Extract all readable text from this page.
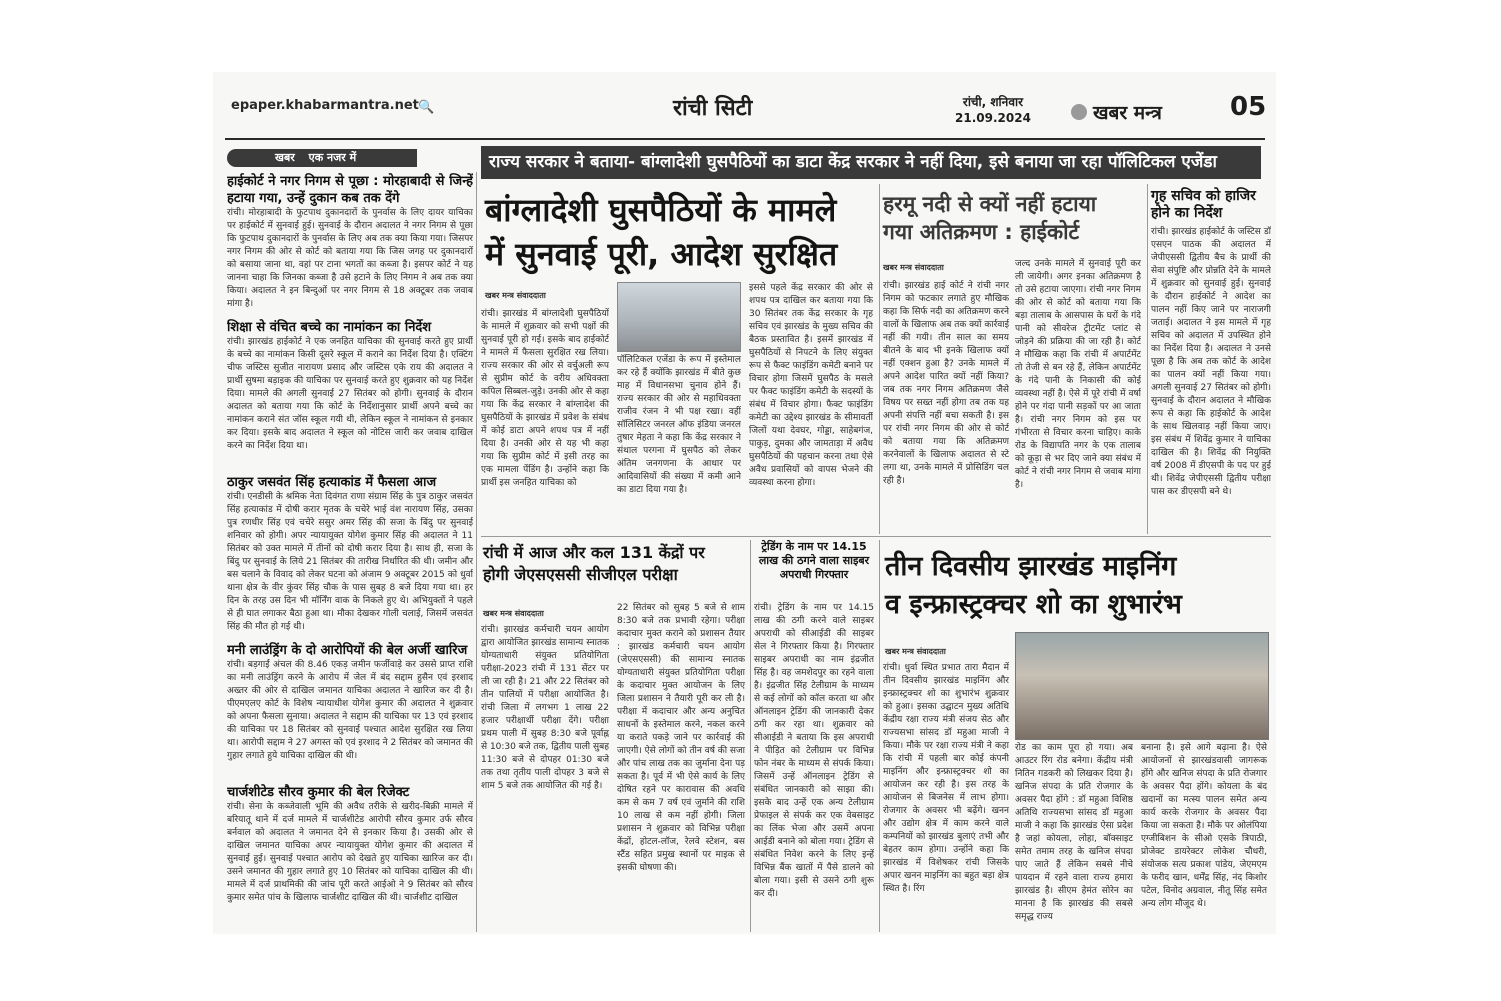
epaper.khabarmantra.net 🔍	रांची सिटी	रांची, शनिवार
21.09.2024	खबर मन्त्र	05
खबर एक नजर में	राज्य सरकार ने बताया- बांग्लादेशी घुसपैठियों का डाटा केंद्र सरकार ने नहीं दिया, इसे बनाया जा रहा पॉलिटिकल एजेंडा
हाईकोर्ट ने नगर निगम से पूछा : मोरहाबादी से जिन्हें हटाया गया, उन्हें दुकान कब तक देंगे

रांची। मोरहाबादी के फुटपाथ दुकानदारों के पुनर्वास के लिए दायर याचिका पर हाईकोर्ट में सुनवाई हुई। सुनवाई के दौरान अदालत ने नगर निगम से पूछा कि फुटपाथ दुकानदारों के पुनर्वास के लिए अब तक क्या किया गया। जिसपर नगर निगम की ओर से कोर्ट को बताया गया कि जिस जगह पर दुकानदारों को बसाया जाना था, वहां पर टाना भगतों का कब्जा है। इसपर कोर्ट ने यह जानना चाहा कि जिनका कब्जा है उसे हटाने के लिए निगम ने अब तक क्या किया। अदालत ने इन बिन्दुओं पर नगर निगम से 18 अक्टूबर तक जवाब मांगा है।

शिक्षा से वंचित बच्चे का नामांकन का निर्देश

रांची। झारखंड हाईकोर्ट ने एक जनहित याचिका की सुनवाई करते हुए प्रार्थी के बच्चे का नामांकन किसी दूसरे स्कूल में कराने का निर्देश दिया है। एक्टिंग चीफ जस्टिस सुजीत नारायण प्रसाद और जस्टिस एके राय की अदालत ने प्रार्थी सुषमा बड़ाइक की याचिका पर सुनवाई करते हुए शुक्रवार को यह निर्देश दिया। मामले की अगली सुनवाई 27 सितंबर को होगी। सुनवाई के दौरान अदालत को बताया गया कि कोर्ट के निर्देशानुसार प्रार्थी अपने बच्चे का नामांकन कराने संत जॉस स्कूल गयी थी, लेकिन स्कूल ने नामांकन से इनकार कर दिया। इसके बाद अदालत ने स्कूल को नोटिस जारी कर जवाब दाखिल करने का निर्देश दिया था।

ठाकुर जसवंत सिंह हत्याकांड में फैसला आज

रांची। एनडीसी के श्रमिक नेता दिवंगत राणा संग्राम सिंह के पुत्र ठाकुर जसवंत सिंह हत्याकांड में दोषी करार मृतक के चचेरे भाई वंश नारायण सिंह, उसका पुत्र रणधीर सिंह एवं चचेरे ससुर अमर सिंह की सजा के बिंदु पर सुनवाई शनिवार को होगी। अपर न्यायायुक्त योगेश कुमार सिंह की अदालत ने 11 सितंबर को उक्त मामले में तीनों को दोषी करार दिया है। साथ ही, सजा के बिंदु पर सुनवाई के लिये 21 सितंबर की तारीख निर्धारित की थी। जमीन और बस चलाने के विवाद को लेकर घटना को अंजाम 9 अक्टूबर 2015 को धुर्वा थाना क्षेत्र के वीर कुंवर सिंह चौक के पास सुबह 8 बजे दिया गया था। हर दिन के तरह उस दिन भी मॉर्निंग वाक के निकले हुए थे। अभियुक्तों ने पहले से ही घात लगाकर बैठा हुआ था। मौका देखकर गोली चलाई, जिसमें जसवंत सिंह की मौत हो गई थी।

मनी लाउंड्रिंग के दो आरोपियों की बेल अर्जी खारिज

रांची। बड़गाईं अंचल की 8.46 एकड़ जमीन फर्जीवाड़े कर उससे प्राप्त राशि का मनी लाउंड्रिंग करने के आरोप में जेल में बंद सद्दाम हुसैन एवं इरशाद अख्तर की ओर से दाखिल जमानत याचिका अदालत ने खारिज कर दी है। पीएमएलए कोर्ट के विशेष न्यायाधीश योगेश कुमार की अदालत ने शुक्रवार को अपना फैसला सुनाया। अदालत ने सद्दाम की याचिका पर 13 एवं इरशाद की याचिका पर 18 सितंबर को सुनवाई पश्चात आदेश सुरक्षित रख लिया था। आरोपी सद्दाम ने 27 अगस्त को एवं इरशाद ने 2 सितंबर को जमानत की गुहार लगाते हुये याचिका दाखिल की थी।

चार्जशीटेड सौरव कुमार की बेल रिजेक्ट

रांची। सेना के कब्जेवाली भूमि की अवैध तरीके से खरीद-बिक्री मामले में बरियातू थाने में दर्ज मामले में चार्जशीटेड आरोपी सौरव कुमार उर्फ सौरव बर्नवाल को अदालत ने जमानत देने से इनकार किया है। उसकी ओर से दाखिल जमानत याचिका अपर न्यायायुक्त योगेश कुमार की अदालत में सुनवाई हुई। सुनवाई पश्चात आरोप को देखते हुए याचिका खारिज कर दी। उसने जमानत की गुहार लगाते हुए 10 सितंबर को याचिका दाखिल की थी। मामले में दर्ज प्राथमिकी की जांच पूरी करते आईओ ने 9 सितंबर को सौरव कुमार समेत पांच के खिलाफ चार्जशीट दाखिल की थी। चार्जशीट दाखिल

बांग्लादेशी घुसपैठियों के मामले
में सुनवाई पूरी, आदेश सुरक्षित
खबर मन्त्र संवाददाता
रांची। झारखंड में बांग्लादेशी घुसपैठियों के मामले में शुक्रवार को सभी पक्षों की सुनवाई पूरी हो गई। इसके बाद हाईकोर्ट ने मामले में फैसला सुरक्षित रख लिया। राज्य सरकार की ओर से वर्चुअली रूप से सुप्रीम कोर्ट के वरीय अधिवक्ता कपिल सिब्बल-जुड़े। उनकी ओर से कहा गया कि केंद्र सरकार ने बांग्लादेश की घुसपैठियों के झारखंड में प्रवेश के संबंध में कोई डाटा अपने शपथ पत्र में नहीं दिया है। उनकी ओर से यह भी कहा गया कि सुप्रीम कोर्ट में इसी तरह का एक मामला पेंडिंग है। उन्होंने कहा कि प्रार्थी इस जनहित याचिका को
पॉलिटिकल एजेंडा के रूप में इस्तेमाल कर रहे हैं क्योंकि झारखंड में बीते कुछ माह में विधानसभा चुनाव होने हैं। राज्य सरकार की ओर से महाधिवक्ता राजीव रंजन ने भी पक्ष रखा। वहीं सॉलिसिटर जनरल ऑफ इंडिया जनरल तुषार मेहता ने कहा कि केंद्र सरकार ने संथाल परगना में घुसपैठ को लेकर अंतिम जनगणना के आधार पर आदिवासियों की संख्या में कमी आने का डाटा दिया गया है।
इससे पहले केंद्र सरकार की ओर से शपथ पत्र दाखिल कर बताया गया कि 30 सितंबर तक केंद्र सरकार के गृह सचिव एवं झारखंड के मुख्य सचिव की बैठक प्रस्तावित है। इसमें झारखंड में घुसपैठियों से निपटने के लिए संयुक्त रूप से फैक्ट फाइंडिंग कमेटी बनाने पर विचार होगा जिसमें घुसपैठ के मसले पर फैक्ट फाइंडिंग कमेटी के सदस्यों के संबंध में विचार होगा। फैक्ट फाइंडिंग कमेटी का उद्देश्य झारखंड के सीमावर्ती जिलों यथा देवघर, गोड्डा, साहेबगंज, पाकुड़, दुमका और जामताड़ा में अवैध घुसपैठियों की पहचान करना तथा ऐसे अवैध प्रवासियों को वापस भेजने की व्यवस्था करना होगा।
हरमू नदी से क्यों नहीं हटाया
गया अतिक्रमण : हाईकोर्ट
खबर मन्त्र संवाददाता
रांची। झारखंड हाई कोर्ट ने रांची नगर निगम को फटकार लगाते हुए मौखिक कहा कि सिर्फ नदी का अतिक्रमण करने वालों के खिलाफ अब तक क्यों कार्रवाई नहीं की गयी। तीन साल का समय बीतने के बाद भी इनके खिलाफ क्यों नहीं एक्शन हुआ है? उनके मामले में अपने आदेश पारित क्यों नहीं किया? जब तक नगर निगम अतिक्रमण जैसे विषय पर सख्त नहीं होगा तब तक यह अपनी संपत्ति नहीं बचा सकती है। इस पर रांची नगर निगम की ओर से कोर्ट को बताया गया कि अतिक्रमण करनेवालों के खिलाफ अदालत से स्टे लगा था, उनके मामले में प्रोसिडिंग चल रही है।
जल्द उनके मामले में सुनवाई पूरी कर ली जायेगी। अगर इनका अतिक्रमण है तो उसे हटाया जाएगा। रांची नगर निगम की ओर से कोर्ट को बताया गया कि बड़ा तालाब के आसपास के घरों के गंदे पानी को सीवरेज ट्रीटमेंट प्लांट से जोड़ने की प्रक्रिया की जा रही है। कोर्ट ने मौखिक कहा कि रांची में अपार्टमेंट तो तेजी से बन रहे हैं, लेकिन अपार्टमेंट के गंदे पानी के निकासी की कोई व्यवस्था नहीं है। ऐसे में पूरे रांची में वर्षा होने पर गंदा पानी सड़कों पर आ जाता है। रांची नगर निगम को इस पर गंभीरता से विचार करना चाहिए। काके रोड के विद्यापति नगर के एक तालाब को कूड़ा से भर दिए जाने क्या संबंध में कोर्ट ने रांची नगर निगम से जवाब मांगा है।
गृह सचिव को हाजिर होने का निर्देश
रांची। झारखंड हाईकोर्ट के जस्टिस डॉ एसएन पाठक की अदालत में जेपीएससी द्वितीय बैच के प्रार्थी की सेवा संपुष्टि और प्रोन्नति देने के मामले में शुक्रवार को सुनवाई हुई। सुनवाई के दौरान हाईकोर्ट ने आदेश का पालन नहीं किए जाने पर नाराजगी जताई। अदालत ने इस मामले में गृह सचिव को अदालत में उपस्थित होने का निर्देश दिया है। अदालत ने उनसे पूछा है कि अब तक कोर्ट के आदेश का पालन क्यों नहीं किया गया। अगली सुनवाई 27 सितंबर को होगी। सुनवाई के दौरान अदालत ने मौखिक रूप से कहा कि हाईकोर्ट के आदेश के साथ खिलवाड़ नहीं किया जाए। इस संबंध में शिवेंद्र कुमार ने याचिका दाखिल की है। शिवेंद्र की नियुक्ति वर्ष 2008 में डीएसपी के पद पर हुई थी। शिवेंद्र जेपीएससी द्वितीय परीक्षा पास कर डीएसपी बने थे।
रांची में आज और कल 131 केंद्रों पर
होगी जेएसएससी सीजीएल परीक्षा
खबर मन्त्र संवाददाता
रांची। झारखंड कर्मचारी चयन आयोग द्वारा आयोजित झारखंड सामान्य स्नातक योग्यताधारी संयुक्त प्रतियोगिता परीक्षा-2023 रांची में 131 सेंटर पर ली जा रही है। 21 और 22 सितंबर को तीन पालियों में परीक्षा आयोजित है। रांची जिला में लगभग 1 लाख 22 हजार परीक्षार्थी परीक्षा देंगे। परीक्षा प्रथम पाली में सुबह 8:30 बजे पूर्वाह्न से 10:30 बजे तक, द्वितीय पाली सुबह 11:30 बजे से दोपहर 01:30 बजे तक तथा तृतीय पाली दोपहर 3 बजे से शाम 5 बजे तक आयोजित की गई है।
22 सितंबर को सुबह 5 बजे से शाम 8:30 बजे तक प्रभावी रहेगा। परीक्षा कदाचार मुक्त कराने को प्रशासन तैयार : झारखंड कर्मचारी चयन आयोग (जेएसएससी) की सामान्य स्नातक योग्यताधारी संयुक्त प्रतियोगिता परीक्षा के कदाचार मुक्त आयोजन के लिए जिला प्रशासन ने तैयारी पूरी कर ली है। परीक्षा में कदाचार और अन्य अनुचित साधनों के इस्तेमाल करने, नकल करने या कराते पकड़े जाने पर कार्रवाई की जाएगी। ऐसे लोगों को तीन वर्ष की सजा और पांच लाख तक का जुर्माना देना पड़ सकता है। पूर्व में भी ऐसे कार्य के लिए दोषित रहने पर कारावास की अवधि कम से कम 7 वर्ष एवं जुर्माने की राशि 10 लाख से कम नहीं होगी। जिला प्रशासन ने शुक्रवार को विभिन्न परीक्षा केंद्रों, होटल-लॉज, रेलवे स्टेशन, बस स्टैंड सहित प्रमुख स्थानों पर माइक से इसकी घोषणा की।
ट्रेडिंग के नाम पर 14.15 लाख की ठगने वाला साइबर अपराधी गिरफ्तार
रांची। ट्रेडिंग के नाम पर 14.15 लाख की ठगी करने वाले साइबर अपराधी को सीआईडी की साइबर सेल ने गिरफ्तार किया है। गिरफ्तार साइबर अपराधी का नाम इंद्रजीत सिंह है। वह जमशेदपुर का रहने वाला है। इंद्रजीत सिंह टेलीग्राम के माध्यम से कई लोगों को कॉल करता था और ऑनलाइन ट्रेडिंग की जानकारी देकर ठगी कर रहा था। शुक्रवार को सीआईडी ने बताया कि इस अपराधी ने पीड़ित को टेलीग्राम पर विभिन्न फोन नंबर के माध्यम से संपर्क किया। जिसमें उन्हें ऑनलाइन ट्रेडिंग से संबंधित जानकारी को साझा की। इसके बाद उन्हें एक अन्य टेलीग्राम प्रेफाइल से संपर्क कर एक वेबसाइट का लिंक भेजा और उसमें अपना आईडी बनाने को बोला गया। ट्रेडिंग से संबंधित निवेश करने के लिए इन्हें विभिन्न बैंक खातों में पैसे डालने को बोला गया। इसी से उसने ठगी शुरू कर दी।
तीन दिवसीय झारखंड माइनिंग
व इन्फ्रास्ट्रक्चर शो का शुभारंभ
खबर मन्त्र संवाददाता
रांची। धुर्वा स्थित प्रभात तारा मैदान में तीन दिवसीय झारखंड माइनिंग और इन्फ्रास्ट्रक्चर शो का शुभारंभ शुक्रवार को हुआ। इसका उद्घाटन मुख्य अतिथि केंद्रीय रक्षा राज्य मंत्री संजय सेठ और राज्यसभा सांसद डॉ महुआ माजी ने किया। मौके पर रक्षा राज्य मंत्री ने कहा कि रांची में पहली बार कोई कंपनी माइनिंग और इन्फ्रास्ट्रक्चर शो का आयोजन कर रही है। इस तरह के आयोजन से बिजनेस में लाभ होगा। रोजगार के अवसर भी बढ़ेंगे। खनन और उद्योग क्षेत्र में काम करने वाले कम्पनियों को झारखंड बुलाएं तभी और बेहतर काम होगा। उन्होंने कहा कि झारखंड में विशेषकर रांची जिसके अपार खनन माइनिंग का बहुत बड़ा क्षेत्र स्थित है। रिंग
रोड का काम पूरा हो गया। अब आउटर रिंग रोड बनेगा। केंद्रीय मंत्री नितिन गडकरी को लिखकर दिया है। खनिज संपदा के प्रति रोजगार के अवसर पैदा होंगे : डॉ महुआ विशिष्ठ अतिथि राज्यसभा सांसद डॉ महुआ माजी ने कहा कि झारखंड ऐसा प्रदेश है जहां कोयला, लोहा, बॉक्साइट समेत तमाम तरह के खनिज संपदा पाए जाते हैं लेकिन सबसे नीचे पायदान में रहने वाला राज्य हमारा झारखंड है। सीएम हेमंत सोरेन का मानना है कि झारखंड की सबसे समृद्ध राज्य
बनाना है। इसे आगे बढ़ाना है। ऐसे आयोजनों से झारखंडवासी जागरूक होंगे और खनिज संपदा के प्रति रोजगार के अवसर पैदा होंगे। कोयला के बंद खदानों का मत्स्य पालन समेत अन्य कार्य करके रोजगार के अवसर पैदा किया जा सकता है। मौके पर ओलंपिया एग्जीबिशन के सीओ एसके त्रिपाठी, प्रोजेक्ट डायरेक्टर लोकेश चौधरी, संयोजक सत्य प्रकाश पांडेय, जेएमएम के फरीद खान, धर्मेंद्र सिंह, नंद किशोर पटेल, विनोद अग्रवाल, नीतू सिंह समेत अन्य लोग मौजूद थे।
